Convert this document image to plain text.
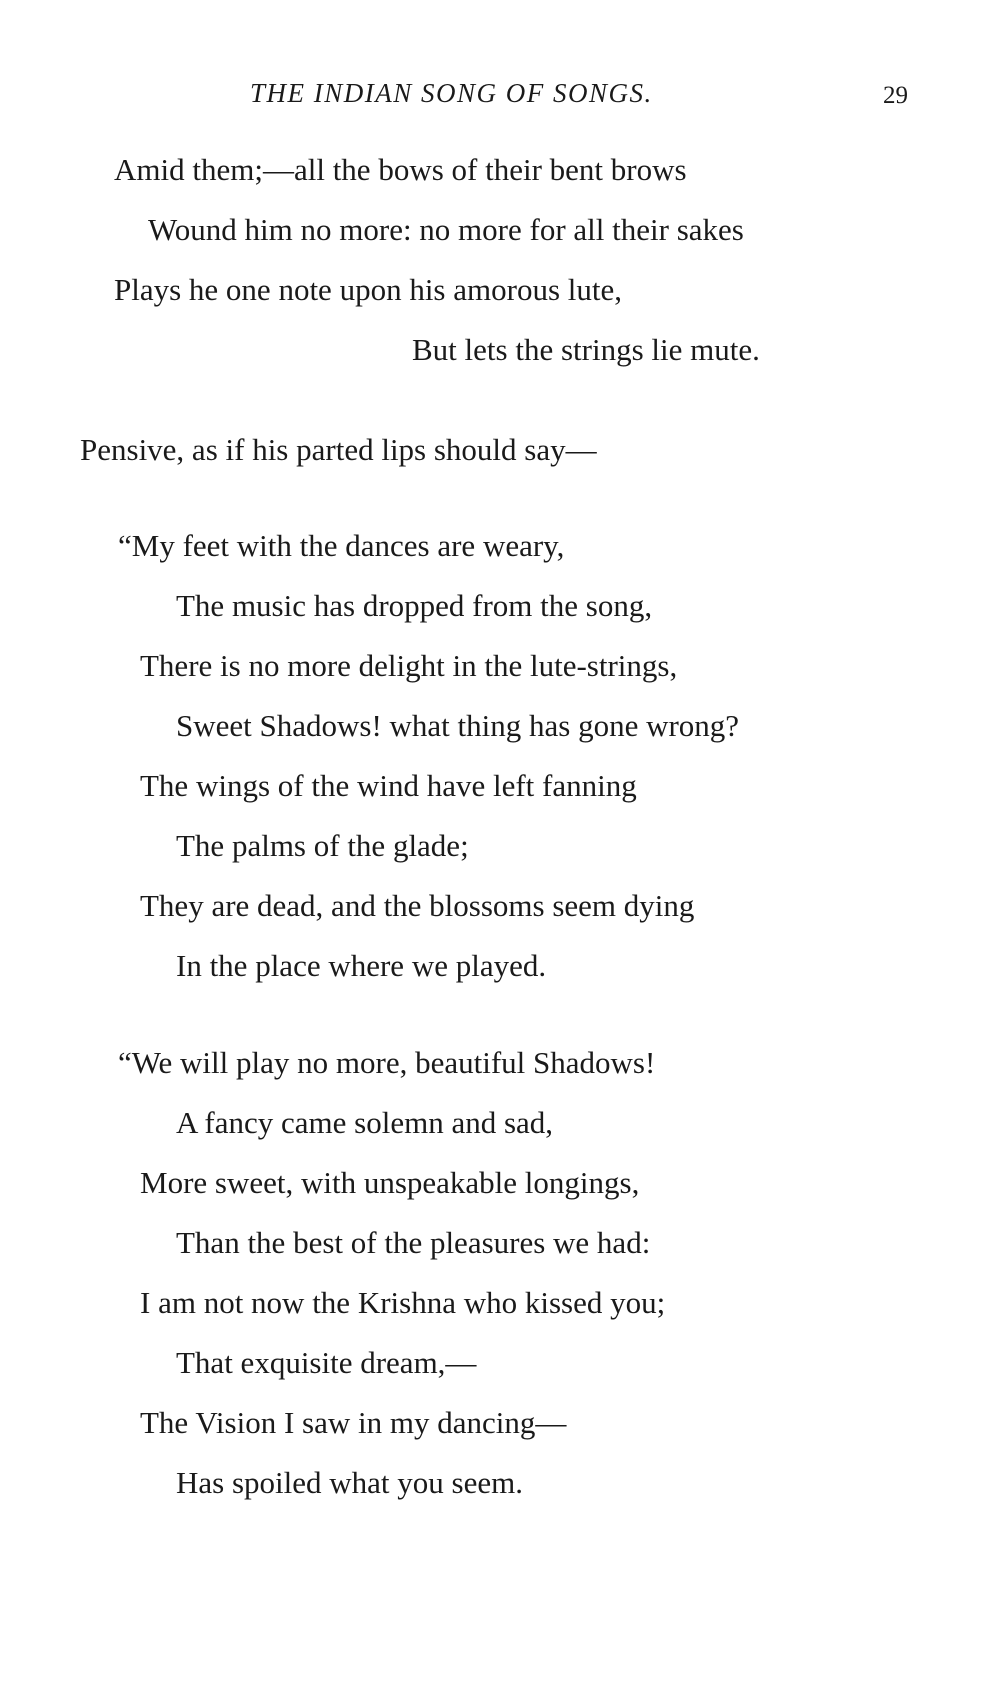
THE INDIAN SONG OF SONGS.	29
Amid them;—all the bows of their bent brows
Wound him no more: no more for all their sakes
Plays he one note upon his amorous lute,
But lets the strings lie mute.
Pensive, as if his parted lips should say—
“My feet with the dances are weary,
The music has dropped from the song,
There is no more delight in the lute-strings,
Sweet Shadows! what thing has gone wrong?
The wings of the wind have left fanning
The palms of the glade;
They are dead, and the blossoms seem dying
In the place where we played.
“We will play no more, beautiful Shadows!
A fancy came solemn and sad,
More sweet, with unspeakable longings,
Than the best of the pleasures we had:
I am not now the Krishna who kissed you;
That exquisite dream,—
The Vision I saw in my dancing—
Has spoiled what you seem.
